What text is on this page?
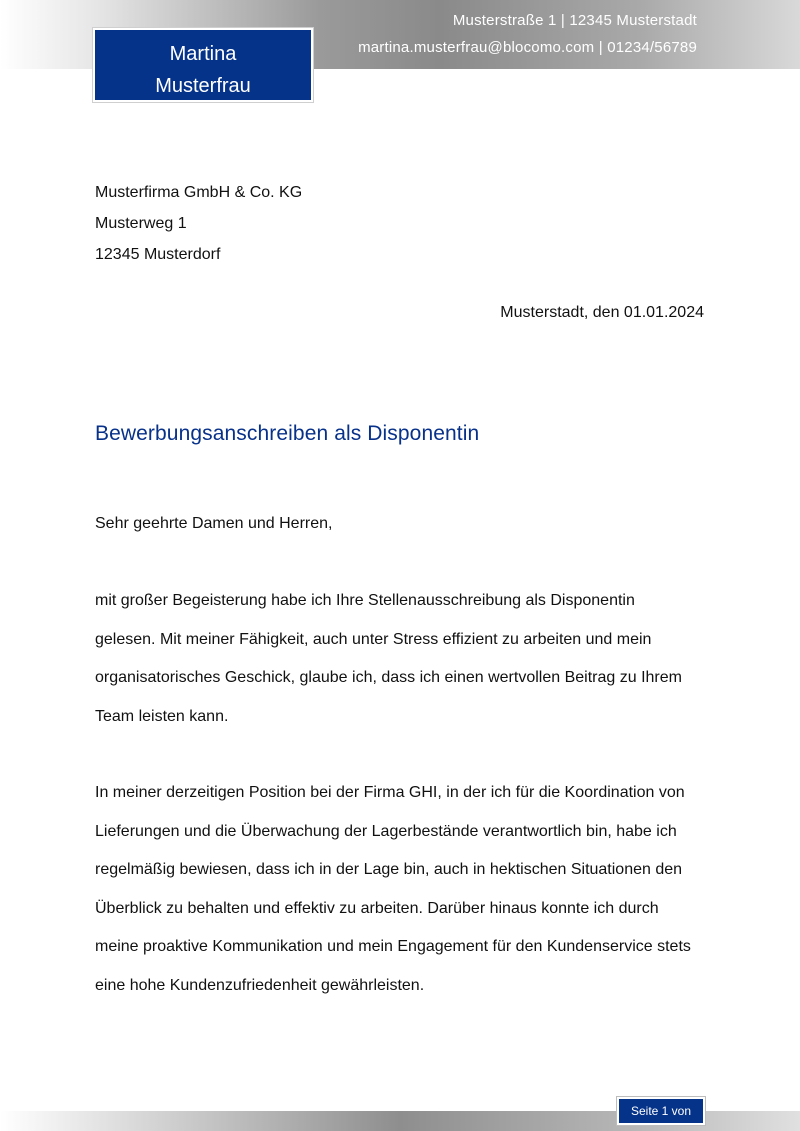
Musterstraße 1 | 12345 Musterstadt
martina.musterfrau@blocomo.com | 01234/56789
Martina
Musterfrau
Musterfirma GmbH & Co. KG
Musterweg 1
12345 Musterdorf
Musterstadt, den 01.01.2024
Bewerbungsanschreiben als Disponentin
Sehr geehrte Damen und Herren,
mit großer Begeisterung habe ich Ihre Stellenausschreibung als Disponentin
gelesen. Mit meiner Fähigkeit, auch unter Stress effizient zu arbeiten und mein
organisatorisches Geschick, glaube ich, dass ich einen wertvollen Beitrag zu Ihrem
Team leisten kann.
In meiner derzeitigen Position bei der Firma GHI, in der ich für die Koordination von
Lieferungen und die Überwachung der Lagerbestände verantwortlich bin, habe ich
regelmäßig bewiesen, dass ich in der Lage bin, auch in hektischen Situationen den
Überblick zu behalten und effektiv zu arbeiten. Darüber hinaus konnte ich durch
meine proaktive Kommunikation und mein Engagement für den Kundenservice stets
eine hohe Kundenzufriedenheit gewährleisten.
Seite 1 von
